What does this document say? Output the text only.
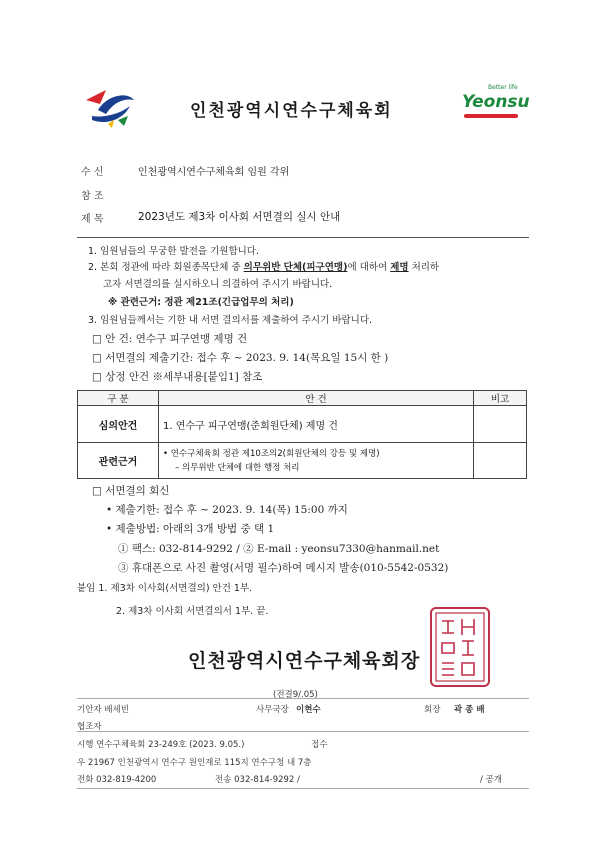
인천광역시연수구체육회
Better life
Yeonsu
수 신	인천광역시연수구체육회 임원 각위
참 조
제 목	2023년도 제3차 이사회 서면결의 실시 안내
1. 임원님들의 무궁한 발전을 기원합니다.
2. 본회 정관에 따라 회원종목단체 중 의무위반 단체(피구연맹)에 대하여 제명 처리하
고자 서면결의를 실시하오니 의결하여 주시기 바랍니다.
※ 관련근거: 정관 제21조(긴급업무의 처리)
3. 임원님들께서는 기한 내 서면 결의서를 제출하여 주시기 바랍니다.
□ 안 건: 연수구 피구연맹 제명 건
□ 서면결의 제출기간: 접수 후 ~ 2023. 9. 14(목요일 15시 한 )
□ 상정 안건 ※세부내용[붙임1] 참조
구 분	안 건	비고
심의안건	1. 연수구 피구연맹(준회원단체) 제명 건	
관련근거	• 연수구체육회 정관 제10조의2(회원단체의 강등 및 제명)
– 의무위반 단체에 대한 행정 처리	

□ 서면결의 회신
• 제출기한: 접수 후 ~ 2023. 9. 14(목) 15:00 까지
• 제출방법: 아래의 3개 방법 중 택 1
① 팩스: 032-814-9292 / ② E-mail : yeonsu7330@hanmail.net
③ 휴대폰으로 사진 촬영(서명 필수)하여 메시지 발송(010-5542-0532)
붙임 1. 제3차 이사회(서면결의) 안건 1부.
2. 제3차 이사회 서면결의서 1부. 끝.
인천광역시연수구체육회장
(전결9/.05)
기안자 배세빈	사무국장 이현수	회장 곽 종 배
협조자
시행 연수구체육회 23-249호 (2023. 9.05.)	접수
우 21967 인천광역시 연수구 원인재로 115지 연수구청 내 7층
전화 032-819-4200	전송 032-814-9292 /	/ 공개
